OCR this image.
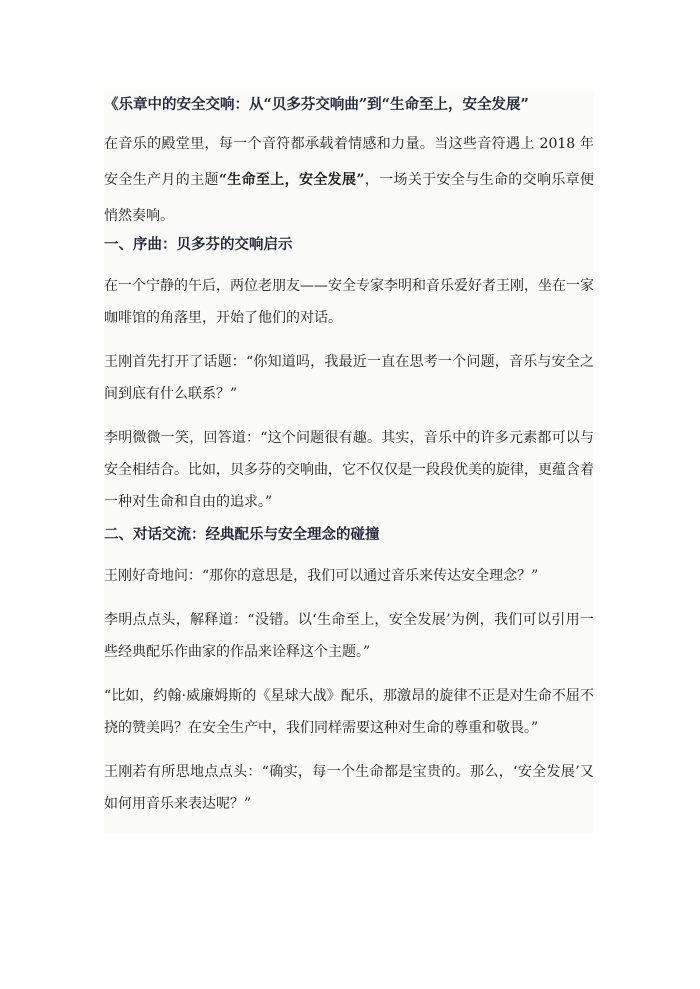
《乐章中的安全交响：从“贝多芬交响曲”到“生命至上，安全发展”

在音乐的殿堂里，每一个音符都承载着情感和力量。当这些音符遇上 2018 年安全生产月的主题“生命至上，安全发展”，一场关于安全与生命的交响乐章便悄然奏响。

一、序曲：贝多芬的交响启示

在一个宁静的午后，两位老朋友——安全专家李明和音乐爱好者王刚，坐在一家咖啡馆的角落里，开始了他们的对话。

王刚首先打开了话题：“你知道吗，我最近一直在思考一个问题，音乐与安全之间到底有什么联系？”

李明微微一笑，回答道：“这个问题很有趣。其实，音乐中的许多元素都可以与安全相结合。比如，贝多芬的交响曲，它不仅仅是一段段优美的旋律，更蕴含着一种对生命和自由的追求。”

二、对话交流：经典配乐与安全理念的碰撞

王刚好奇地问：“那你的意思是，我们可以通过音乐来传达安全理念？”

李明点点头，解释道：“没错。以‘生命至上，安全发展’为例，我们可以引用一些经典配乐作曲家的作品来诠释这个主题。”

“比如，约翰·威廉姆斯的《星球大战》配乐，那激昂的旋律不正是对生命不屈不挠的赞美吗？在安全生产中，我们同样需要这种对生命的尊重和敬畏。”

王刚若有所思地点点头：“确实，每一个生命都是宝贵的。那么，‘安全发展’又如何用音乐来表达呢？”
